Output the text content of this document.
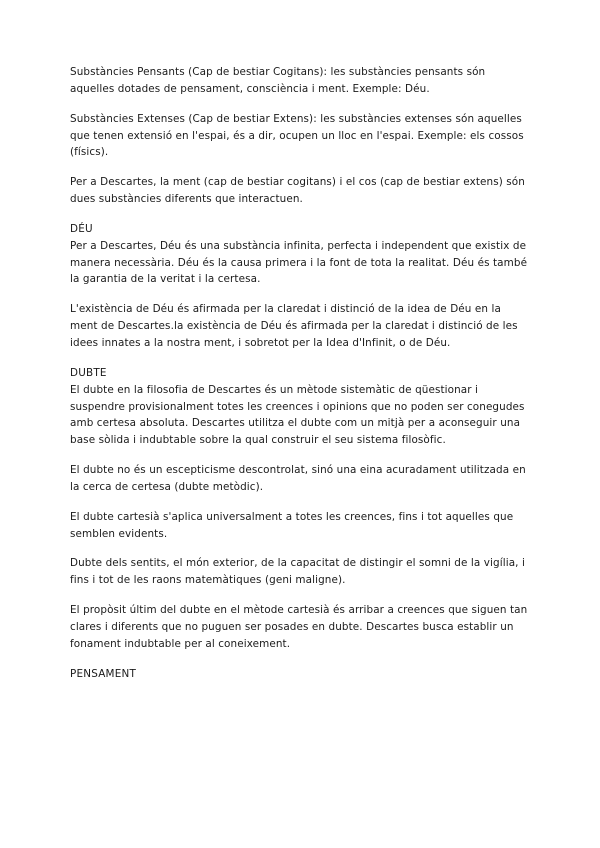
Substàncies Pensants (Cap de bestiar Cogitans): les substàncies pensants són aquelles dotades de pensament, consciència i ment. Exemple: Déu.

Substàncies Extenses (Cap de bestiar Extens): les substàncies extenses són aquelles que tenen extensió en l'espai, és a dir, ocupen un lloc en l'espai. Exemple: els cossos (físics).

Per a Descartes, la ment (cap de bestiar cogitans) i el cos (cap de bestiar extens) són dues substàncies diferents que interactuen.

DÉU

Per a Descartes, Déu és una substància infinita, perfecta i independent que existix de manera necessària. Déu és la causa primera i la font de tota la realitat. Déu és també la garantia de la veritat i la certesa.

L'existència de Déu és afirmada per la claredat i distinció de la idea de Déu en la ment de Descartes.la existència de Déu és afirmada per la claredat i distinció de les idees innates a la nostra ment, i sobretot per la Idea d'Infinit, o de Déu.

DUBTE

El dubte en la filosofia de Descartes és un mètode sistemàtic de qüestionar i suspendre provisionalment totes les creences i opinions que no poden ser conegudes amb certesa absoluta. Descartes utilitza el dubte com un mitjà per a aconseguir una base sòlida i indubtable sobre la qual construir el seu sistema filosòfic.

El dubte no és un escepticisme descontrolat, sinó una eina acuradament utilitzada en la cerca de certesa (dubte metòdic).

El dubte cartesià s'aplica universalment a totes les creences, fins i tot aquelles que semblen evidents.

Dubte dels sentits, el món exterior, de la capacitat de distingir el somni de la vigília, i fins i tot de les raons matemàtiques (geni maligne).

El propòsit últim del dubte en el mètode cartesià és arribar a creences que siguen tan clares i diferents que no puguen ser posades en dubte. Descartes busca establir un fonament indubtable per al coneixement.

PENSAMENT
